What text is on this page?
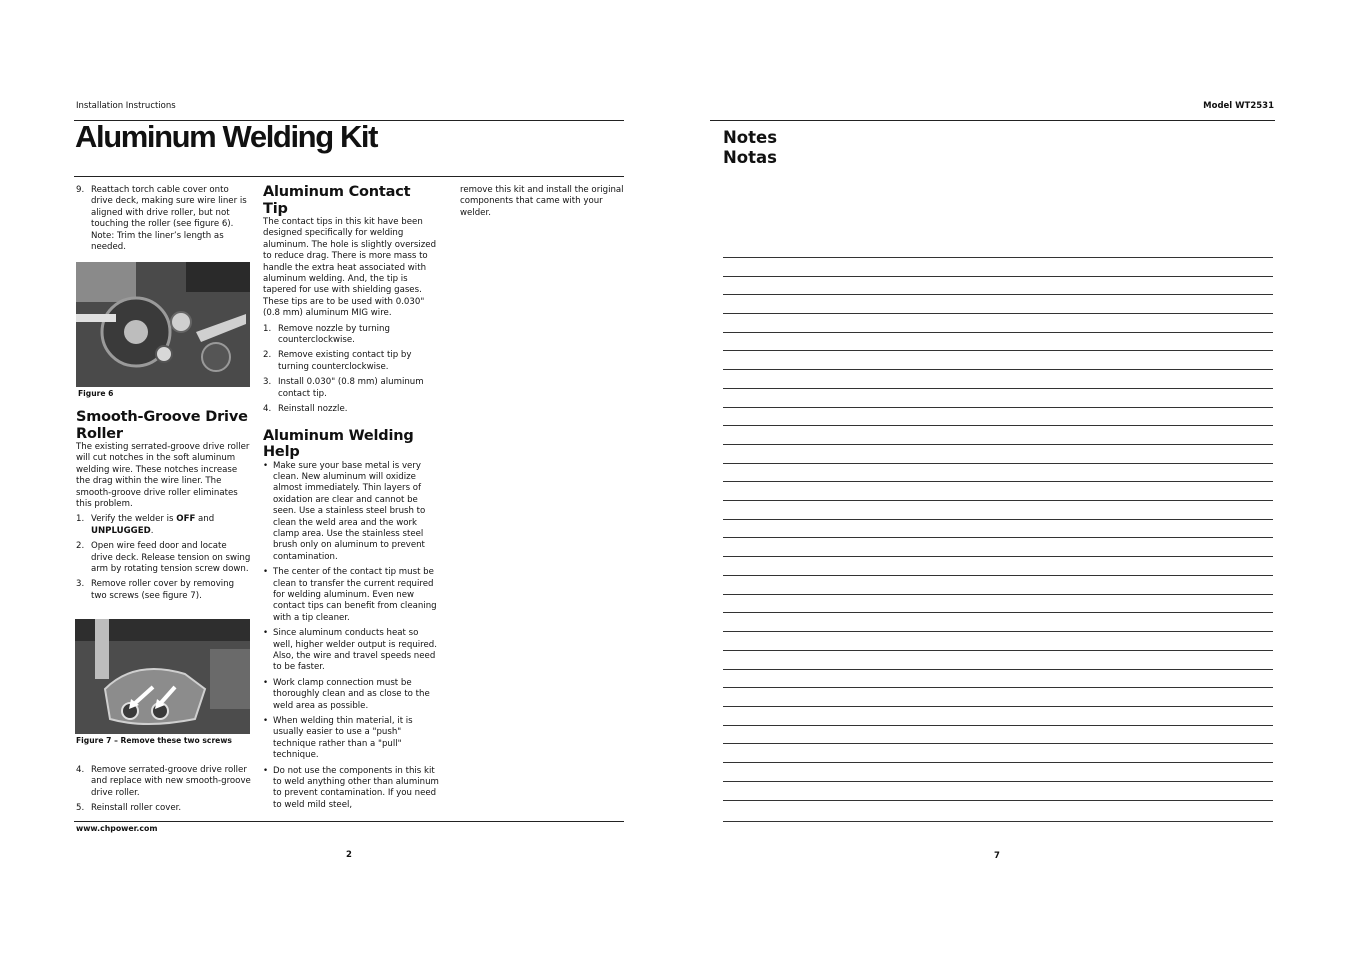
Installation Instructions
Aluminum Welding Kit
9. Reattach torch cable cover onto drive deck, making sure wire liner is aligned with drive roller, but not touching the roller (see figure 6). Note: Trim the liner’s length as needed.
Figure 6
Smooth-Groove Drive Roller

The existing serrated-groove drive roller will cut notches in the soft aluminum welding wire. These notches increase the drag within the wire liner. The smooth-groove drive roller eliminates this problem.

1. Verify the welder is OFF and
UNPLUGGED.
2. Open wire feed door and locate drive deck. Release tension on swing arm by rotating tension screw down.
3. Remove roller cover by removing two screws (see figure 7).
Figure 7 – Remove these two screws
4. Remove serrated-groove drive roller and replace with new smooth-groove drive roller.
5. Reinstall roller cover.
Aluminum Contact Tip

The contact tips in this kit have been designed specifically for welding aluminum. The hole is slightly oversized to reduce drag. There is more mass to handle the extra heat associated with aluminum welding. And, the tip is tapered for use with shielding gases. These tips are to be used with 0.030" (0.8 mm) aluminum MIG wire.

1. Remove nozzle by turning counterclockwise.
2. Remove existing contact tip by turning counterclockwise.
3. Install 0.030" (0.8 mm) aluminum contact tip.
4. Reinstall nozzle.
Aluminum Welding Help
• Make sure your base metal is very clean. New aluminum will oxidize almost immediately. Thin layers of oxidation are clear and cannot be seen. Use a stainless steel brush to clean the weld area and the work clamp area. Use the stainless steel brush only on aluminum to prevent contamination.
• The center of the contact tip must be clean to transfer the current required for welding aluminum. Even new contact tips can benefit from cleaning with a tip cleaner.
• Since aluminum conducts heat so well, higher welder output is required. Also, the wire and travel speeds need to be faster.
• Work clamp connection must be thoroughly clean and as close to the weld area as possible.
• When welding thin material, it is usually easier to use a "push" technique rather than a "pull" technique.
• Do not use the components in this kit to weld anything other than aluminum to prevent contamination. If you need to weld mild steel,

remove this kit and install the original components that came with your welder.

www.chpower.com
2
Model WT2531
Notes
Notas
7
